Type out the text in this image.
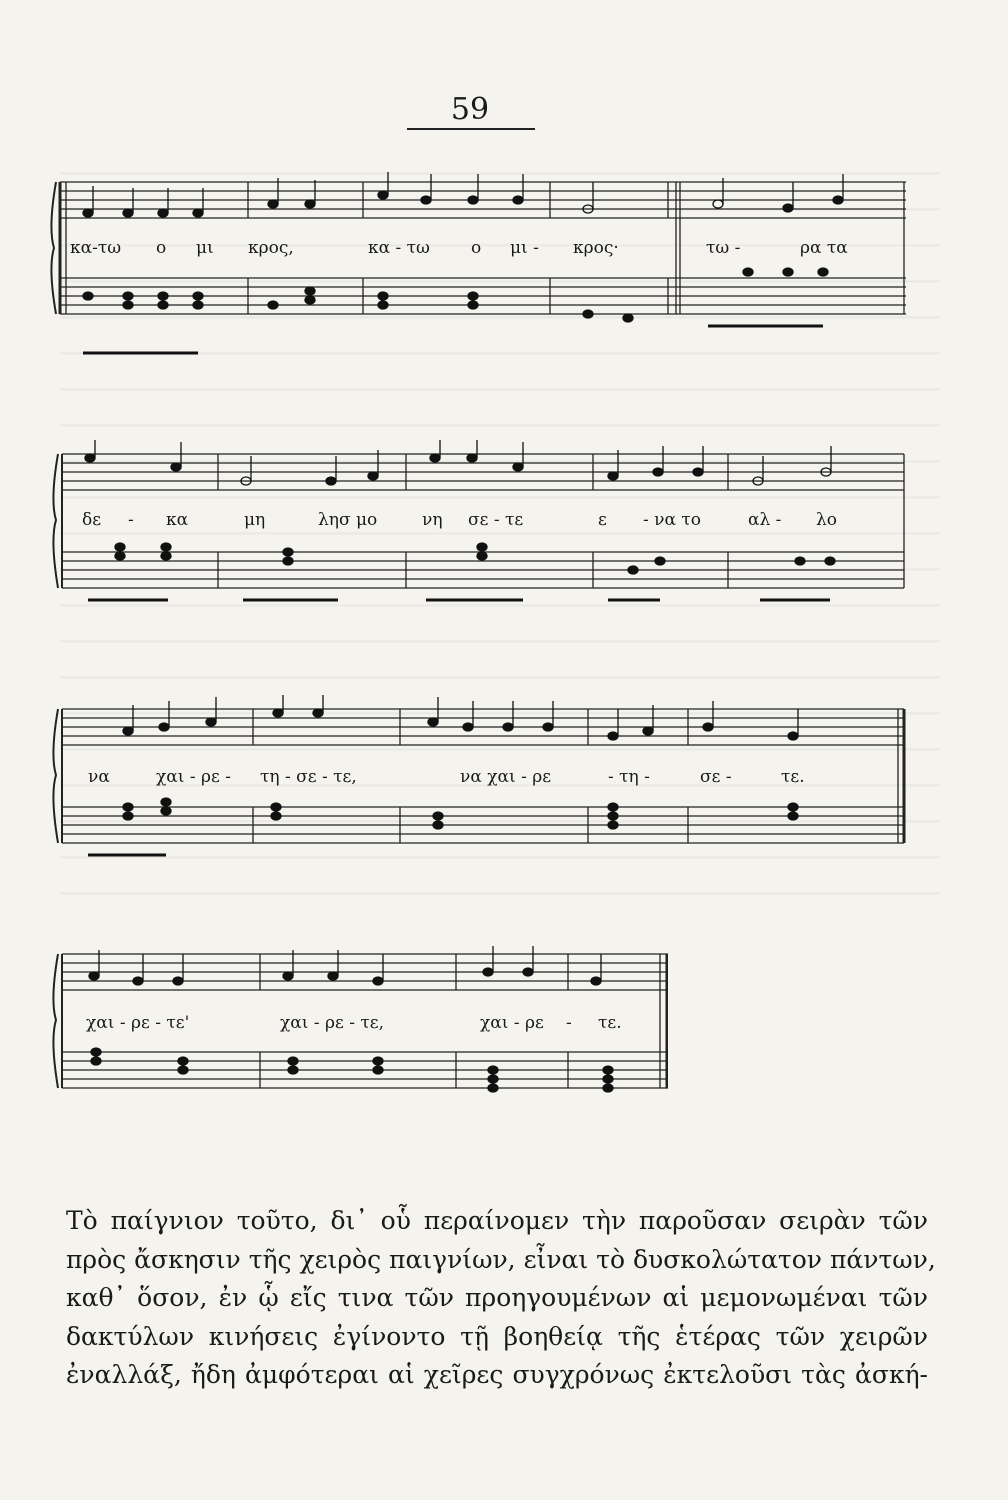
59
κα-τω ο μι κρος,	κα - τω ο μι - κρος·	τω -	ρα τα
δε - κα	μη	λησ μο	νη σε - τε	ε - να το	αλ - λο
να	χαι - ρε - τη - σε - τε,	να χαι - ρε	- τη -	σε -	τε.
χαι - ρε - τε'	χαι - ρε - τε,	χαι - ρε - τε.
Τὸ παίγνιον τοῦτο, δι᾽ οὗ περαίνομεν τὴν παροῦσαν σειρὰν τῶν
πρὸς ἄσκησιν τῆς χειρὸς παιγνίων, εἶναι τὸ δυσκολώτατον πάντων,
καθ᾽ ὅσον, ἐν ᾧ εἴς τινα τῶν προηγουμένων αἱ μεμονωμέναι τῶν
δακτύλων κινήσεις ἐγίνοντο τῇ βοηθείᾳ τῆς ἑτέρας τῶν χειρῶν
ἐναλλάξ, ἤδη ἀμφότεραι αἱ χεῖρες συγχρόνως ἐκτελοῦσι τὰς ἀσκή-
